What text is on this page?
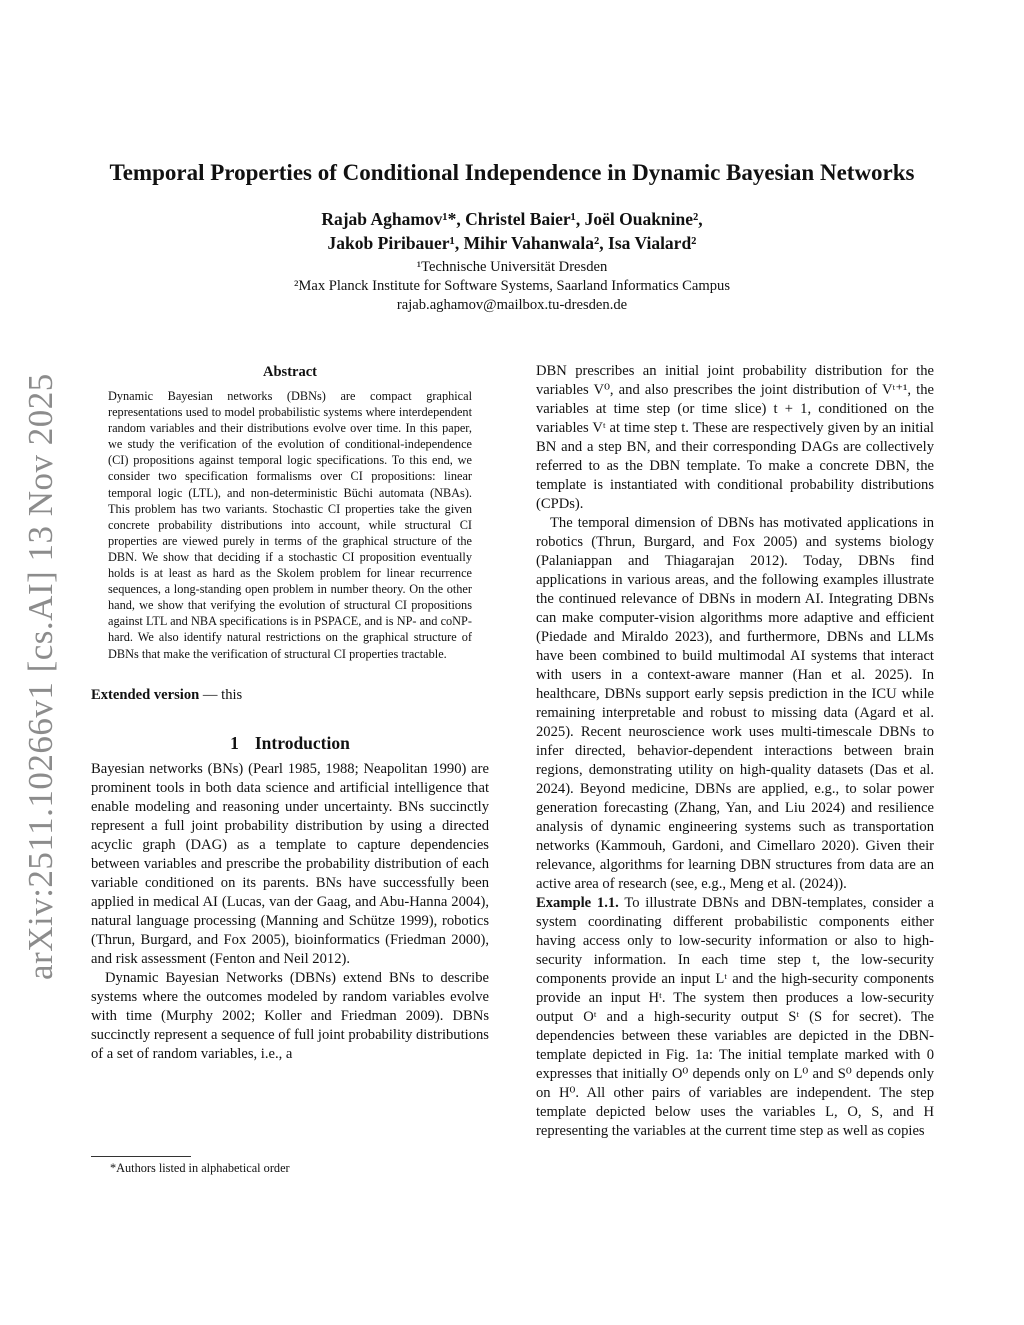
arXiv:2511.10266v1 [cs.AI] 13 Nov 2025
Temporal Properties of Conditional Independence in Dynamic Bayesian Networks
Rajab Aghamov¹*, Christel Baier¹, Joël Ouaknine²,
Jakob Piribauer¹, Mihir Vahanwala², Isa Vialard²
¹Technische Universität Dresden
²Max Planck Institute for Software Systems, Saarland Informatics Campus
rajab.aghamov@mailbox.tu-dresden.de
Abstract
Dynamic Bayesian networks (DBNs) are compact graphical representations used to model probabilistic systems where interdependent random variables and their distributions evolve over time. In this paper, we study the verification of the evolution of conditional-independence (CI) propositions against temporal logic specifications. To this end, we consider two specification formalisms over CI propositions: linear temporal logic (LTL), and non-deterministic Büchi automata (NBAs). This problem has two variants. Stochastic CI properties take the given concrete probability distributions into account, while structural CI properties are viewed purely in terms of the graphical structure of the DBN. We show that deciding if a stochastic CI proposition eventually holds is at least as hard as the Skolem problem for linear recurrence sequences, a long-standing open problem in number theory. On the other hand, we show that verifying the evolution of structural CI propositions against LTL and NBA specifications is in PSPACE, and is NP- and coNP-hard. We also identify natural restrictions on the graphical structure of DBNs that make the verification of structural CI properties tractable.
Extended version — this
1 Introduction

Bayesian networks (BNs) (Pearl 1985, 1988; Neapolitan 1990) are prominent tools in both data science and artificial intelligence that enable modeling and reasoning under uncertainty. BNs succinctly represent a full joint probability distribution by using a directed acyclic graph (DAG) as a template to capture dependencies between variables and prescribe the probability distribution of each variable conditioned on its parents. BNs have successfully been applied in medical AI (Lucas, van der Gaag, and Abu-Hanna 2004), natural language processing (Manning and Schütze 1999), robotics (Thrun, Burgard, and Fox 2005), bioinformatics (Friedman 2000), and risk assessment (Fenton and Neil 2012).

Dynamic Bayesian Networks (DBNs) extend BNs to describe systems where the outcomes modeled by random variables evolve with time (Murphy 2002; Koller and Friedman 2009). DBNs succinctly represent a sequence of full joint probability distributions of a set of random variables, i.e., a

*Authors listed in alphabetical order

DBN prescribes an initial joint probability distribution for the variables V⁰, and also prescribes the joint distribution of Vᵗ⁺¹, the variables at time step (or time slice) t + 1, conditioned on the variables Vᵗ at time step t. These are respectively given by an initial BN and a step BN, and their corresponding DAGs are collectively referred to as the DBN template. To make a concrete DBN, the template is instantiated with conditional probability distributions (CPDs).

The temporal dimension of DBNs has motivated applications in robotics (Thrun, Burgard, and Fox 2005) and systems biology (Palaniappan and Thiagarajan 2012). Today, DBNs find applications in various areas, and the following examples illustrate the continued relevance of DBNs in modern AI. Integrating DBNs can make computer-vision algorithms more adaptive and efficient (Piedade and Miraldo 2023), and furthermore, DBNs and LLMs have been combined to build multimodal AI systems that interact with users in a context-aware manner (Han et al. 2025). In healthcare, DBNs support early sepsis prediction in the ICU while remaining interpretable and robust to missing data (Agard et al. 2025). Recent neuroscience work uses multi-timescale DBNs to infer directed, behavior-dependent interactions between brain regions, demonstrating utility on high-quality datasets (Das et al. 2024). Beyond medicine, DBNs are applied, e.g., to solar power generation forecasting (Zhang, Yan, and Liu 2024) and resilience analysis of dynamic engineering systems such as transportation networks (Kammouh, Gardoni, and Cimellaro 2020). Given their relevance, algorithms for learning DBN structures from data are an active area of research (see, e.g., Meng et al. (2024)).

Example 1.1. To illustrate DBNs and DBN-templates, consider a system coordinating different probabilistic components either having access only to low-security information or also to high-security information. In each time step t, the low-security components provide an input Lᵗ and the high-security components provide an input Hᵗ. The system then produces a low-security output Oᵗ and a high-security output Sᵗ (S for secret). The dependencies between these variables are depicted in the DBN-template depicted in Fig. 1a: The initial template marked with 0 expresses that initially O⁰ depends only on L⁰ and S⁰ depends only on H⁰. All other pairs of variables are independent. The step template depicted below uses the variables L, O, S, and H representing the variables at the current time step as well as copies
